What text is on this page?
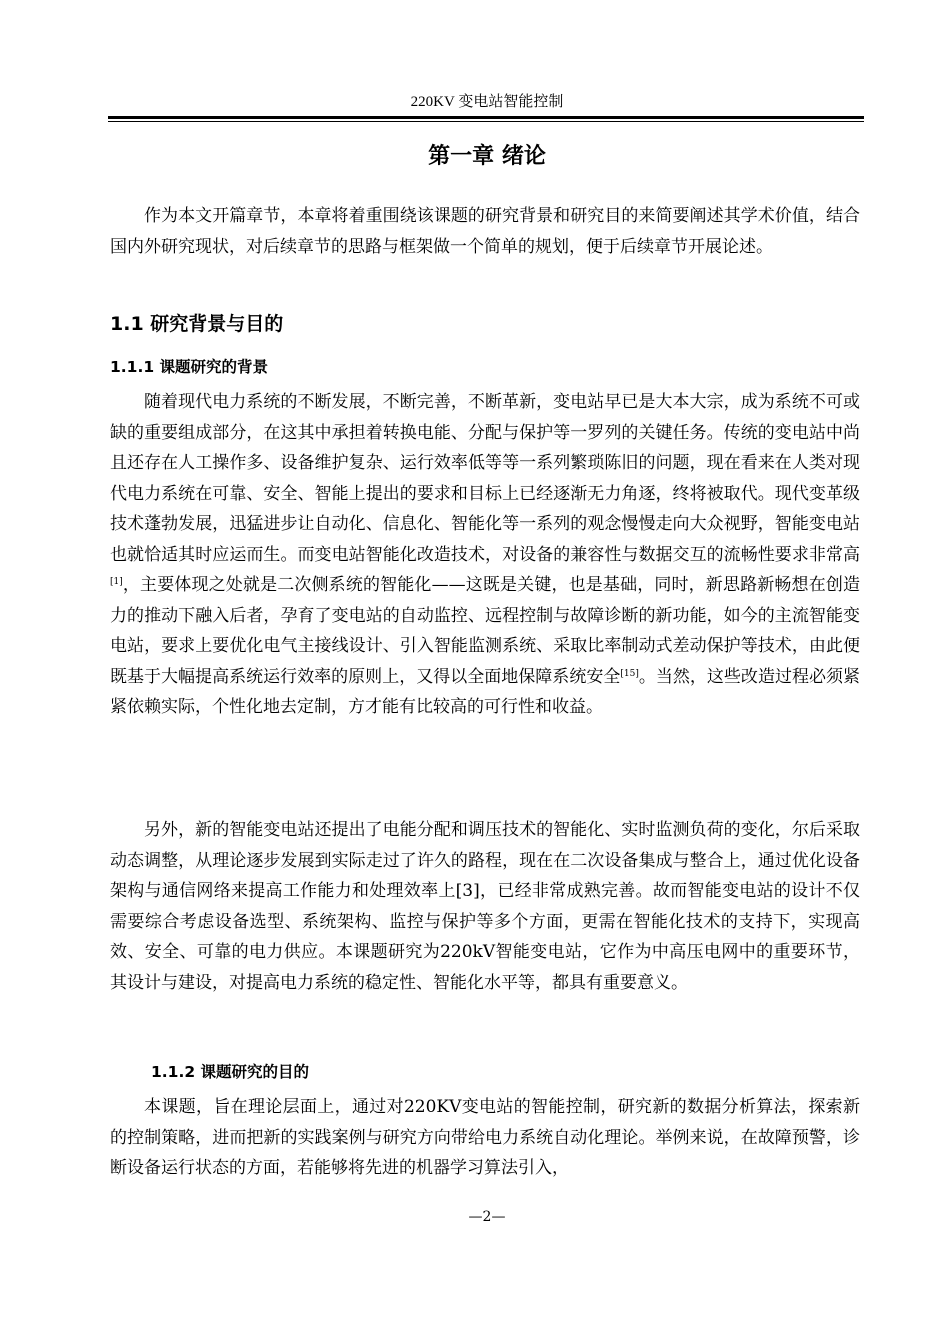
220KV 变电站智能控制
第一章 绪论

作为本文开篇章节，本章将着重围绕该课题的研究背景和研究目的来简要阐述其学术价值，结合国内外研究现状，对后续章节的思路与框架做一个简单的规划，便于后续章节开展论述。

1.1 研究背景与目的
1.1.1 课题研究的背景

随着现代电力系统的不断发展，不断完善，不断革新，变电站早已是大本大宗，成为系统不可或缺的重要组成部分，在这其中承担着转换电能、分配与保护等一罗列的关键任务。传统的变电站中尚且还存在人工操作多、设备维护复杂、运行效率低等等一系列繁琐陈旧的问题，现在看来在人类对现代电力系统在可靠、安全、智能上提出的要求和目标上已经逐渐无力角逐，终将被取代。现代变革级技术蓬勃发展，迅猛进步让自动化、信息化、智能化等一系列的观念慢慢走向大众视野，智能变电站也就恰适其时应运而生。而变电站智能化改造技术，对设备的兼容性与数据交互的流畅性要求非常高[1]，主要体现之处就是二次侧系统的智能化——这既是关键，也是基础，同时，新思路新畅想在创造力的推动下融入后者，孕育了变电站的自动监控、远程控制与故障诊断的新功能，如今的主流智能变电站，要求上要优化电气主接线设计、引入智能监测系统、采取比率制动式差动保护等技术，由此便既基于大幅提高系统运行效率的原则上，又得以全面地保障系统安全[15]。当然，这些改造过程必须紧紧依赖实际，个性化地去定制，方才能有比较高的可行性和收益。

另外，新的智能变电站还提出了电能分配和调压技术的智能化、实时监测负荷的变化，尔后采取动态调整，从理论逐步发展到实际走过了许久的路程，现在在二次设备集成与整合上，通过优化设备架构与通信网络来提高工作能力和处理效率上[3]，已经非常成熟完善。故而智能变电站的设计不仅需要综合考虑设备选型、系统架构、监控与保护等多个方面，更需在智能化技术的支持下，实现高效、安全、可靠的电力供应。本课题研究为220kV智能变电站，它作为中高压电网中的重要环节，其设计与建设，对提高电力系统的稳定性、智能化水平等，都具有重要意义。

1.1.2 课题研究的目的

本课题，旨在理论层面上，通过对220KV变电站的智能控制，研究新的数据分析算法，探索新的控制策略，进而把新的实践案例与研究方向带给电力系统自动化理论。举例来说，在故障预警，诊断设备运行状态的方面，若能够将先进的机器学习算法引入，

—2—
